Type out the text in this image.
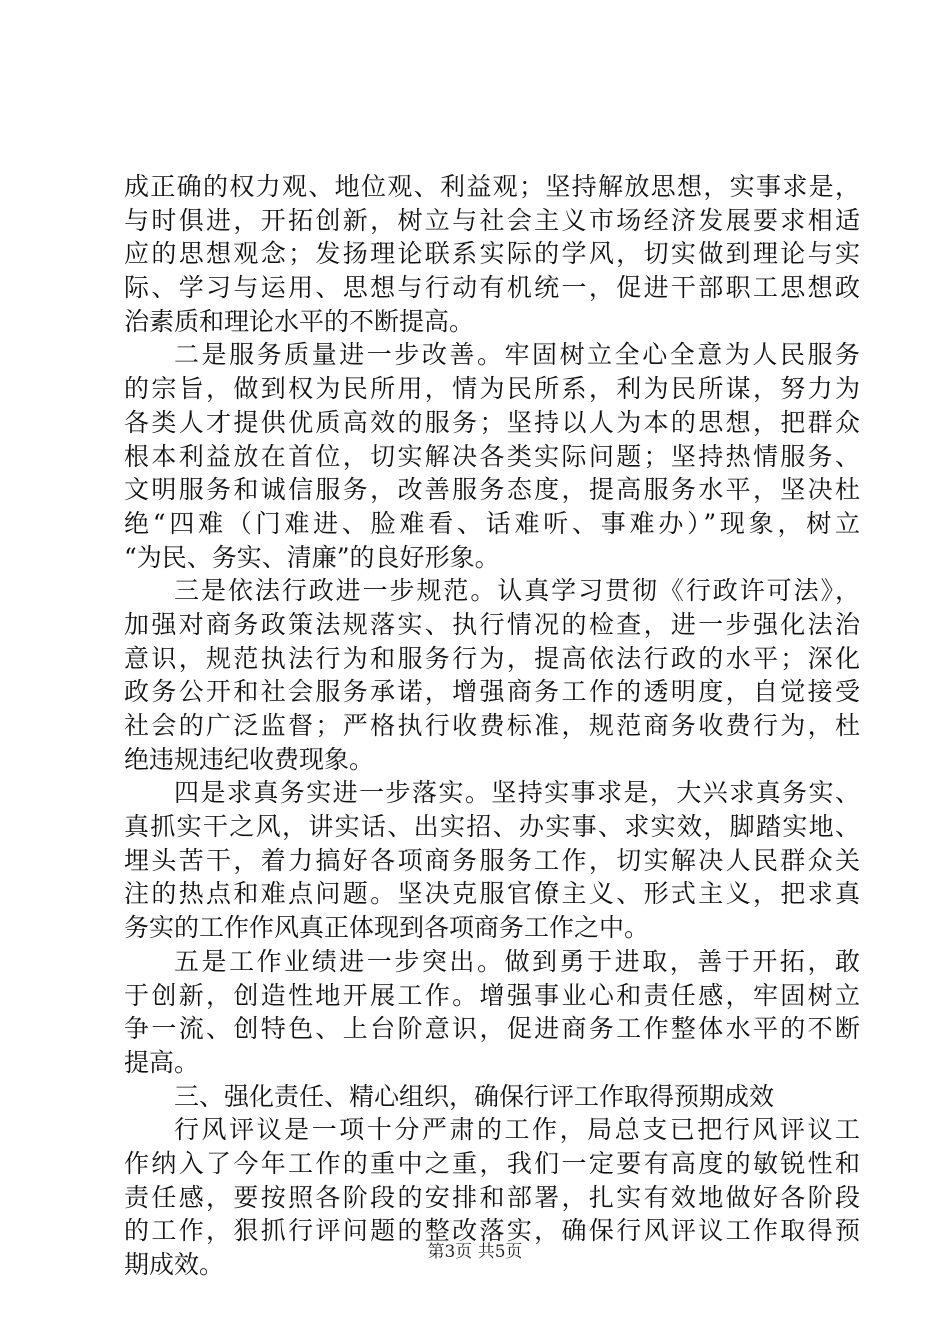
成正确的权力观、地位观、利益观；坚持解放思想，实事求是，
与时俱进，开拓创新，树立与社会主义市场经济发展要求相适
应的思想观念；发扬理论联系实际的学风，切实做到理论与实
际、学习与运用、思想与行动有机统一，促进干部职工思想政
治素质和理论水平的不断提高。
二是服务质量进一步改善。牢固树立全心全意为人民服务
的宗旨，做到权为民所用，情为民所系，利为民所谋，努力为
各类人才提供优质高效的服务；坚持以人为本的思想，把群众
根本利益放在首位，切实解决各类实际问题；坚持热情服务、
文明服务和诚信服务，改善服务态度，提高服务水平，坚决杜
绝“四难（门难进、脸难看、话难听、事难办）”现象，树立
“为民、务实、清廉”的良好形象。
三是依法行政进一步规范。认真学习贯彻《行政许可法》，
加强对商务政策法规落实、执行情况的检查，进一步强化法治
意识，规范执法行为和服务行为，提高依法行政的水平；深化
政务公开和社会服务承诺，增强商务工作的透明度，自觉接受
社会的广泛监督；严格执行收费标准，规范商务收费行为，杜
绝违规违纪收费现象。
四是求真务实进一步落实。坚持实事求是，大兴求真务实、
真抓实干之风，讲实话、出实招、办实事、求实效，脚踏实地、
埋头苦干，着力搞好各项商务服务工作，切实解决人民群众关
注的热点和难点问题。坚决克服官僚主义、形式主义，把求真
务实的工作作风真正体现到各项商务工作之中。
五是工作业绩进一步突出。做到勇于进取，善于开拓，敢
于创新，创造性地开展工作。增强事业心和责任感，牢固树立
争一流、创特色、上台阶意识，促进商务工作整体水平的不断
提高。
三、强化责任、精心组织，确保行评工作取得预期成效
行风评议是一项十分严肃的工作，局总支已把行风评议工
作纳入了今年工作的重中之重，我们一定要有高度的敏锐性和
责任感，要按照各阶段的安排和部署，扎实有效地做好各阶段
的工作，狠抓行评问题的整改落实，确保行风评议工作取得预
期成效。	第3页 共5页
